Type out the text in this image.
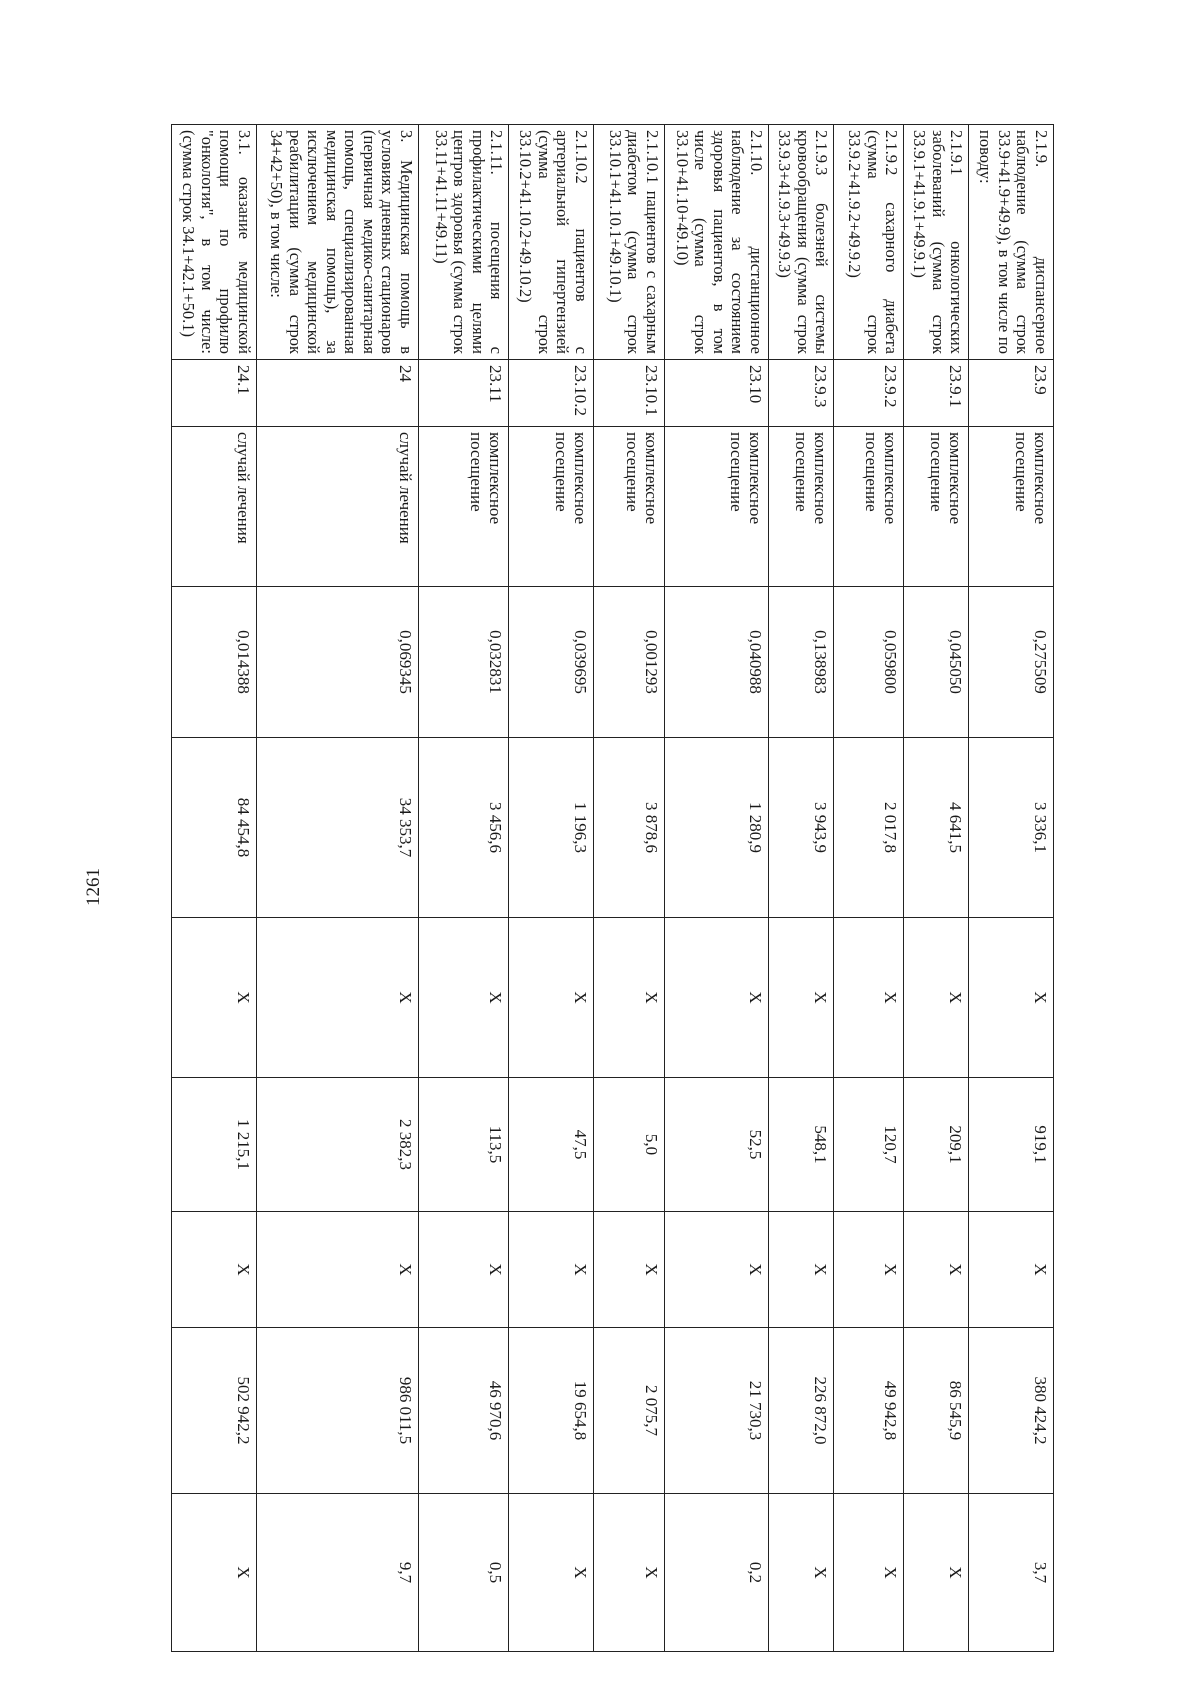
1261
2.1.9. диспансерное наблюдение (сумма строк 33.9+41.9+49.9), в том числе по поводу:	23.9	комплексное посещение	0,275509	3 336,1	X	919,1	X	380 424,2	3,7
2.1.9.1 онкологических заболеваний (сумма строк 33.9.1+41.9.1+49.9.1)	23.9.1	комплексное посещение	0,045050	4 641,5	X	209,1	X	86 545,9	X
2.1.9.2 сахарного диабета (сумма строк 33.9.2+41.9.2+49.9.2)	23.9.2	комплексное посещение	0,059800	2 017,8	X	120,7	X	49 942,8	X
2.1.9.3 болезней системы кровообращения (сумма строк 33.9.3+41.9.3+49.9.3)	23.9.3	комплексное посещение	0,138983	3 943,9	X	548,1	X	226 872,0	X
2.1.10. дистанционное наблюдение за состоянием здоровья пациентов, в том числе (сумма строк 33.10+41.10+49.10)	23.10	комплексное посещение	0,040988	1 280,9	X	52,5	X	21 730,3	0,2
2.1.10.1 пациентов с сахарным диабетом (сумма строк 33.10.1+41.10.1+49.10.1)	23.10.1	комплексное посещение	0,001293	3 878,6	X	5,0	X	2 075,7	X
2.1.10.2 пациентов с артериальной гипертензией (сумма строк 33.10.2+41.10.2+49.10.2)	23.10.2	комплексное посещение	0,039695	1 196,3	X	47,5	X	19 654,8	X
2.1.11. посещения с профилактическими целями центров здоровья (сумма строк 33.11+41.11+49.11)	23.11	комплексное посещение	0,032831	3 456,6	X	113,5	X	46 970,6	0,5
3. Медицинская помощь в условиях дневных стационаров (первичная медико-санитарная помощь, специализированная медицинская помощь), за исключением медицинской реабилитации (сумма строк 34+42+50), в том числе:	24	случай лечения	0,069345	34 353,7	X	2 382,3	X	986 011,5	9,7
3.1. оказание медицинской помощи по профилю "онкология", в том числе: (сумма строк 34.1+42.1+50.1)	24.1	случай лечения	0,014388	84 454,8	X	1 215,1	X	502 942,2	X
